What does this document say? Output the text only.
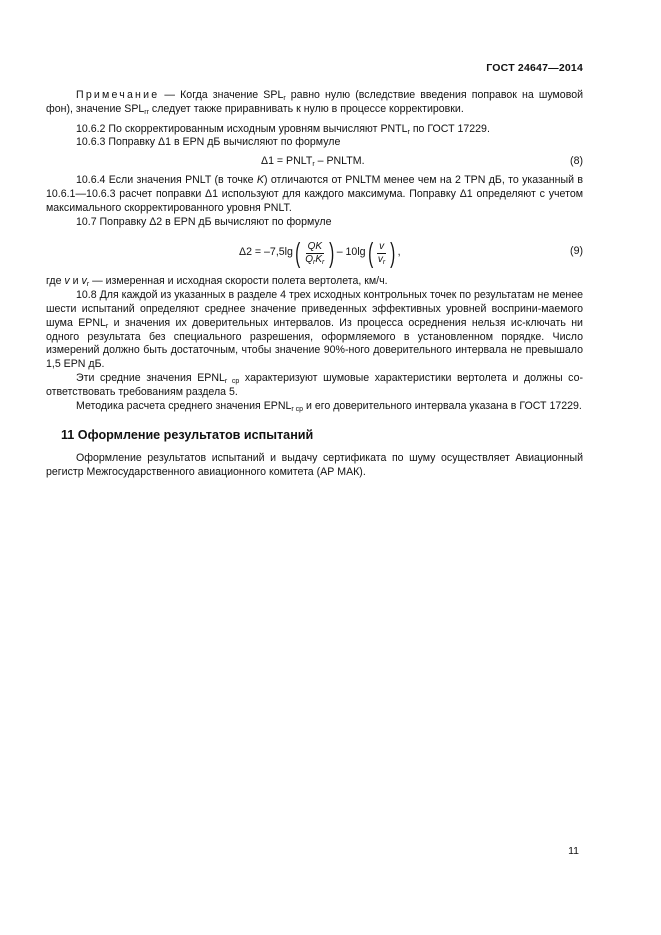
ГОСТ 24647—2014

Примечание — Когда значение $SPL_r$ равно нулю (вследствие введения поправок на шумовой фон), значение $SPL_{rr}$ следует также приравнивать к нулю в процессе корректировки.

10.6.2 По скорректированным исходным уровням вычисляют $PNTL_r$ по ГОСТ 17229.

10.6.3 Поправку Δ1 в EPN дБ вычисляют по формуле

$\Delta 1 = PNLT_r$ – PNLTM.	(8)

10.6.4 Если значения PNLT (в точке K) отличаются от PNLTM менее чем на 2 TPN дБ, то указанный в 10.6.1—10.6.3 расчет поправки Δ1 используют для каждого максимума. Поправку Δ1 определяют с учетом максимального скорректированного уровня PNLT.

10.7 Поправку Δ2 в EPN дБ вычисляют по формуле

Δ2 = –7,5lg ( $\frac{QK}{Q_rK_r}$ ) – 10lg ( $\frac{v}{v_r}$ ) ,	(9)

где v и $v_r$ — измеренная и исходная скорости полета вертолета, км/ч.

10.8 Для каждой из указанных в разделе 4 трех исходных контрольных точек по результатам не менее шести испытаний определяют среднее значение приведенных эффективных уровней восприни-маемого шума $EPNL_r$ и значения их доверительных интервалов. Из процесса осреднения нельзя ис-ключать ни одного результата без специального разрешения, оформляемого в установленном порядке. Число измерений должно быть достаточным, чтобы значение 90%-ного доверительного интервала не превышало 1,5 EPN дБ.

Эти средние значения $EPNL_{r ср}$ характеризуют шумовые характеристики вертолета и должны со-ответствовать требованиям раздела 5.

Методика расчета среднего значения $EPNL_{r ср}$ и его доверительного интервала указана в ГОСТ 17229.

11 Оформление результатов испытаний

Оформление результатов испытаний и выдачу сертификата по шуму осуществляет Авиационный регистр Межгосударственного авиационного комитета (АР МАК).

11
